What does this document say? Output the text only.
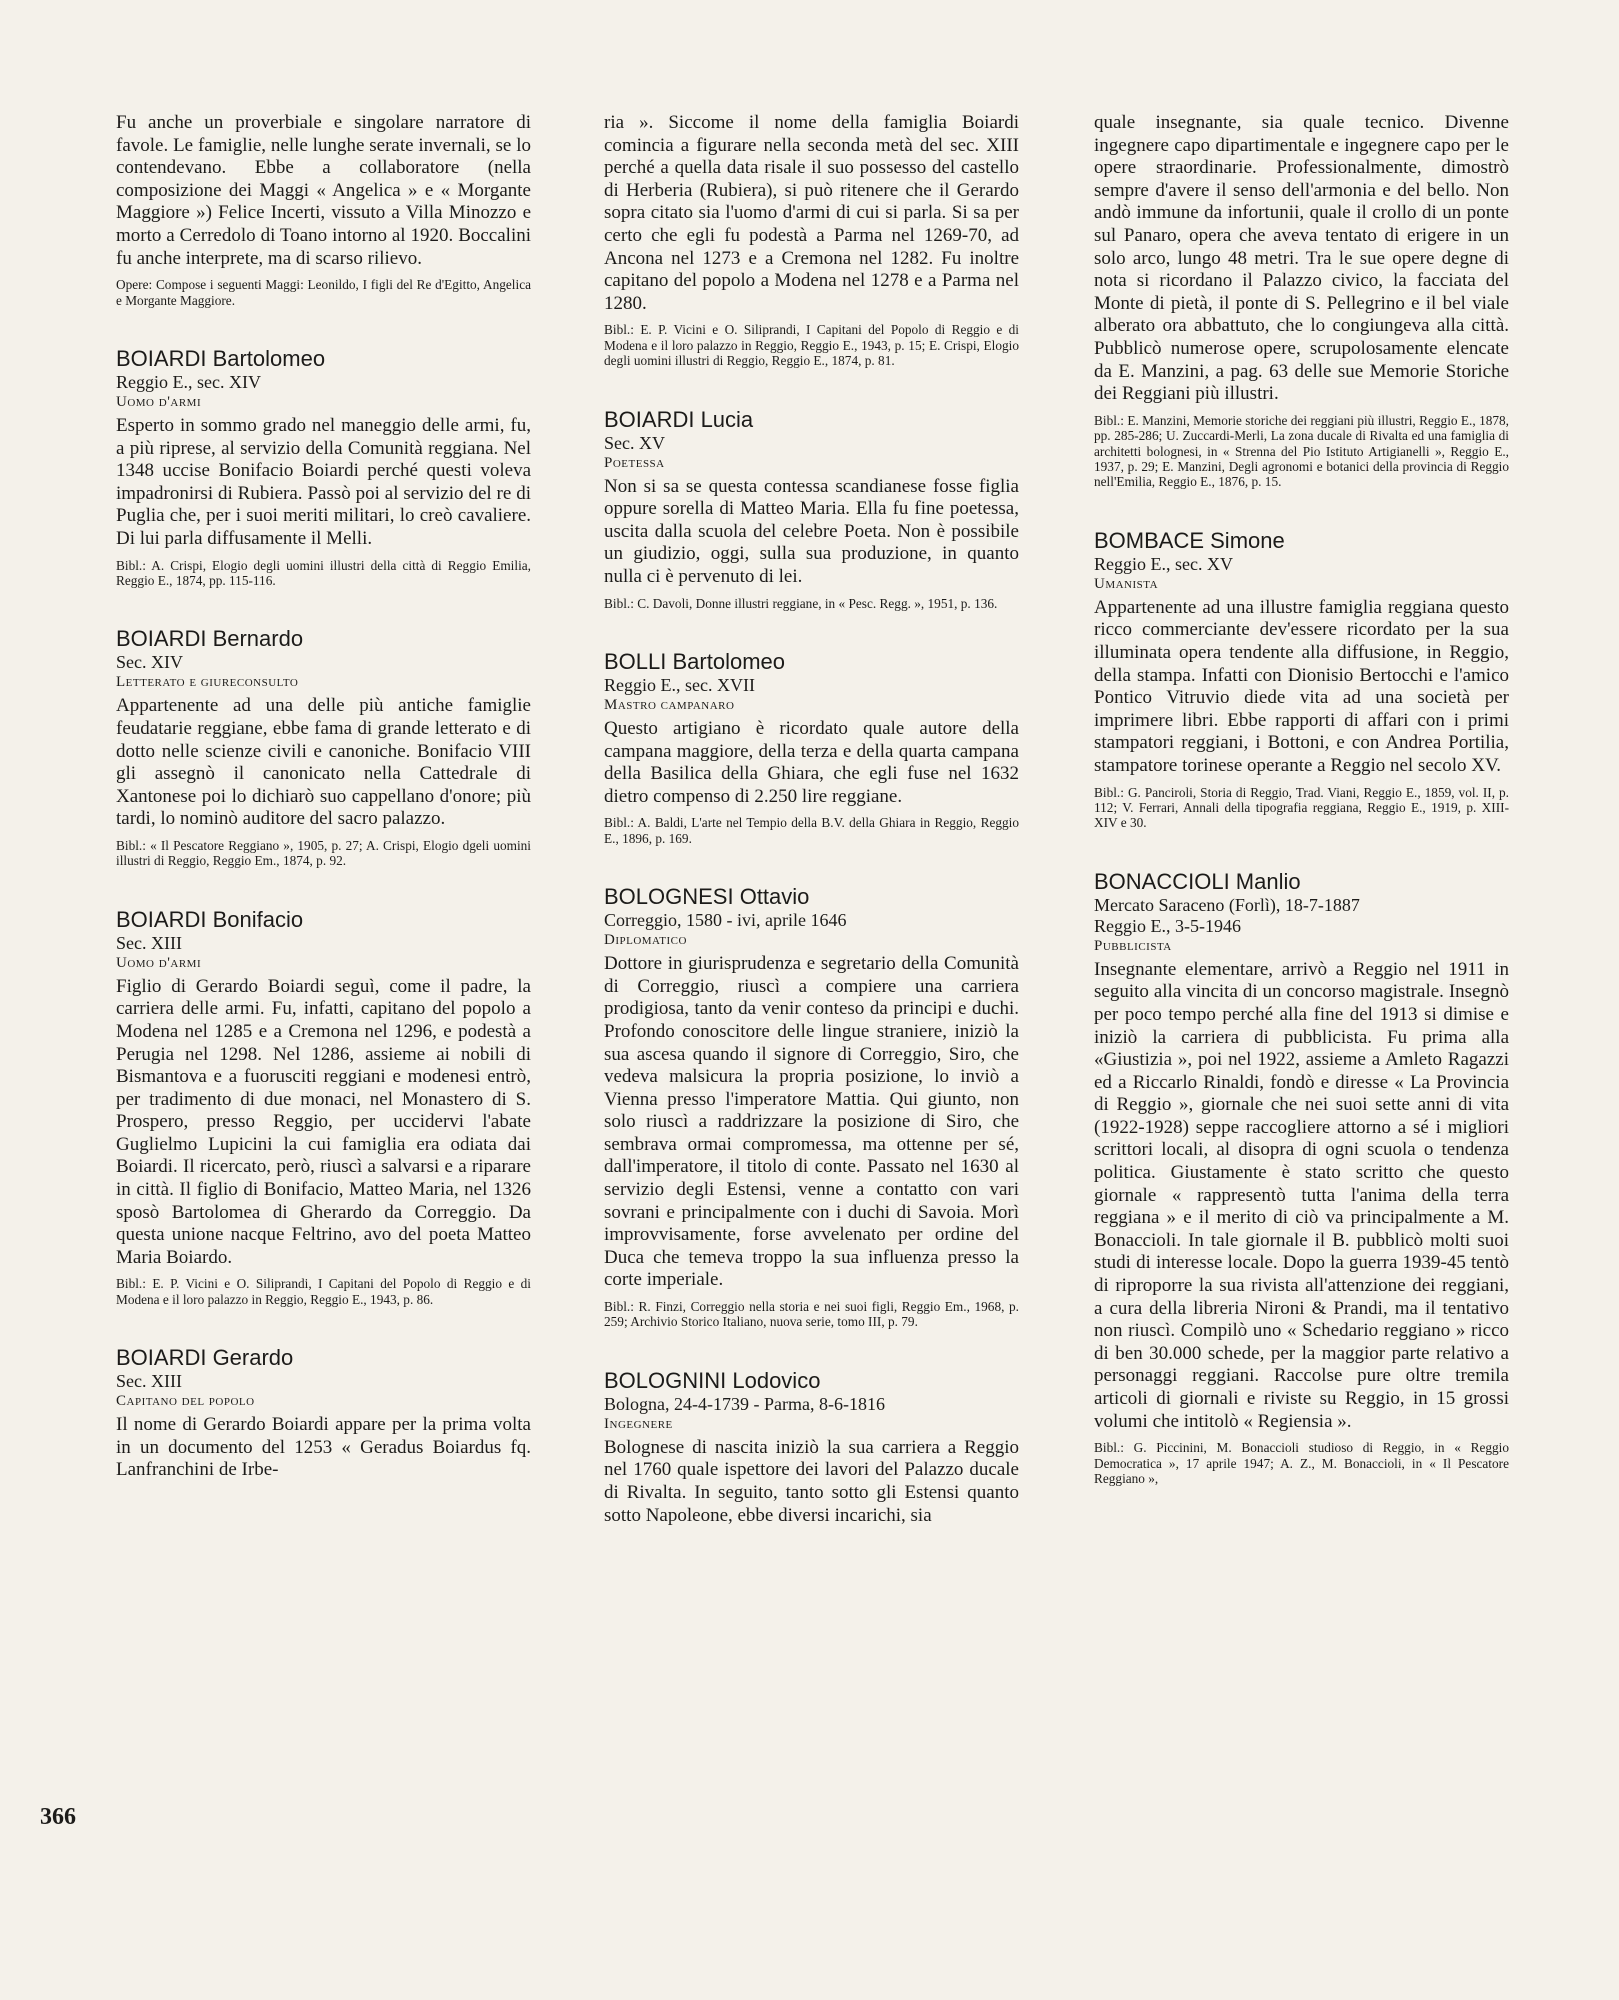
Fu anche un proverbiale e singolare narratore di favole. Le famiglie, nelle lunghe serate invernali, se lo contendevano. Ebbe a collaboratore (nella composizione dei Maggi « Angelica » e « Morgante Maggiore ») Felice Incerti, vissuto a Villa Minozzo e morto a Cerredolo di Toano intorno al 1920. Boccalini fu anche interprete, ma di scarso rilievo.

Opere: Compose i seguenti Maggi: Leonildo, I figli del Re d'Egitto, Angelica e Morgante Maggiore.

BOIARDI Bartolomeo
Reggio E., sec. XIV
Uomo d'armi

Esperto in sommo grado nel maneggio delle armi, fu, a più riprese, al servizio della Comunità reggiana. Nel 1348 uccise Bonifacio Boiardi perché questi voleva impadronirsi di Rubiera. Passò poi al servizio del re di Puglia che, per i suoi meriti militari, lo creò cavaliere. Di lui parla diffusamente il Melli.

Bibl.: A. Crispi, Elogio degli uomini illustri della città di Reggio Emilia, Reggio E., 1874, pp. 115-116.

BOIARDI Bernardo
Sec. XIV
Letterato e giureconsulto

Appartenente ad una delle più antiche famiglie feudatarie reggiane, ebbe fama di grande letterato e di dotto nelle scienze civili e canoniche. Bonifacio VIII gli assegnò il canonicato nella Cattedrale di Xantonese poi lo dichiarò suo cappellano d'onore; più tardi, lo nominò auditore del sacro palazzo.

Bibl.: « Il Pescatore Reggiano », 1905, p. 27; A. Crispi, Elogio dgeli uomini illustri di Reggio, Reggio Em., 1874, p. 92.

BOIARDI Bonifacio
Sec. XIII
Uomo d'armi

Figlio di Gerardo Boiardi seguì, come il padre, la carriera delle armi. Fu, infatti, capitano del popolo a Modena nel 1285 e a Cremona nel 1296, e podestà a Perugia nel 1298. Nel 1286, assieme ai nobili di Bismantova e a fuorusciti reggiani e modenesi entrò, per tradimento di due monaci, nel Monastero di S. Prospero, presso Reggio, per uccidervi l'abate Guglielmo Lupicini la cui famiglia era odiata dai Boiardi. Il ricercato, però, riuscì a salvarsi e a riparare in città. Il figlio di Bonifacio, Matteo Maria, nel 1326 sposò Bartolomea di Gherardo da Correggio. Da questa unione nacque Feltrino, avo del poeta Matteo Maria Boiardo.

Bibl.: E. P. Vicini e O. Siliprandi, I Capitani del Popolo di Reggio e di Modena e il loro palazzo in Reggio, Reggio E., 1943, p. 86.

BOIARDI Gerardo
Sec. XIII
Capitano del popolo

Il nome di Gerardo Boiardi appare per la prima volta in un documento del 1253 « Geradus Boiardus fq. Lanfranchini de Irbe-

ria ». Siccome il nome della famiglia Boiardi comincia a figurare nella seconda metà del sec. XIII perché a quella data risale il suo possesso del castello di Herberia (Rubiera), si può ritenere che il Gerardo sopra citato sia l'uomo d'armi di cui si parla. Si sa per certo che egli fu podestà a Parma nel 1269-70, ad Ancona nel 1273 e a Cremona nel 1282. Fu inoltre capitano del popolo a Modena nel 1278 e a Parma nel 1280.

Bibl.: E. P. Vicini e O. Siliprandi, I Capitani del Popolo di Reggio e di Modena e il loro palazzo in Reggio, Reggio E., 1943, p. 15; E. Crispi, Elogio degli uomini illustri di Reggio, Reggio E., 1874, p. 81.

BOIARDI Lucia
Sec. XV
Poetessa

Non si sa se questa contessa scandianese fosse figlia oppure sorella di Matteo Maria. Ella fu fine poetessa, uscita dalla scuola del celebre Poeta. Non è possibile un giudizio, oggi, sulla sua produzione, in quanto nulla ci è pervenuto di lei.

Bibl.: C. Davoli, Donne illustri reggiane, in « Pesc. Regg. », 1951, p. 136.

BOLLI Bartolomeo
Reggio E., sec. XVII
Mastro campanaro

Questo artigiano è ricordato quale autore della campana maggiore, della terza e della quarta campana della Basilica della Ghiara, che egli fuse nel 1632 dietro compenso di 2.250 lire reggiane.

Bibl.: A. Baldi, L'arte nel Tempio della B.V. della Ghiara in Reggio, Reggio E., 1896, p. 169.

BOLOGNESI Ottavio
Correggio, 1580 - ivi, aprile 1646
Diplomatico

Dottore in giurisprudenza e segretario della Comunità di Correggio, riuscì a compiere una carriera prodigiosa, tanto da venir conteso da principi e duchi. Profondo conoscitore delle lingue straniere, iniziò la sua ascesa quando il signore di Correggio, Siro, che vedeva malsicura la propria posizione, lo inviò a Vienna presso l'imperatore Mattia. Qui giunto, non solo riuscì a raddrizzare la posizione di Siro, che sembrava ormai compromessa, ma ottenne per sé, dall'imperatore, il titolo di conte. Passato nel 1630 al servizio degli Estensi, venne a contatto con vari sovrani e principalmente con i duchi di Savoia. Morì improvvisamente, forse avvelenato per ordine del Duca che temeva troppo la sua influenza presso la corte imperiale.

Bibl.: R. Finzi, Correggio nella storia e nei suoi figli, Reggio Em., 1968, p. 259; Archivio Storico Italiano, nuova serie, tomo III, p. 79.

BOLOGNINI Lodovico
Bologna, 24-4-1739 - Parma, 8-6-1816
Ingegnere

Bolognese di nascita iniziò la sua carriera a Reggio nel 1760 quale ispettore dei lavori del Palazzo ducale di Rivalta. In seguito, tanto sotto gli Estensi quanto sotto Napoleone, ebbe diversi incarichi, sia

quale insegnante, sia quale tecnico. Divenne ingegnere capo dipartimentale e ingegnere capo per le opere straordinarie. Professionalmente, dimostrò sempre d'avere il senso dell'armonia e del bello. Non andò immune da infortunii, quale il crollo di un ponte sul Panaro, opera che aveva tentato di erigere in un solo arco, lungo 48 metri. Tra le sue opere degne di nota si ricordano il Palazzo civico, la facciata del Monte di pietà, il ponte di S. Pellegrino e il bel viale alberato ora abbattuto, che lo congiungeva alla città. Pubblicò numerose opere, scrupolosamente elencate da E. Manzini, a pag. 63 delle sue Memorie Storiche dei Reggiani più illustri.

Bibl.: E. Manzini, Memorie storiche dei reggiani più illustri, Reggio E., 1878, pp. 285-286; U. Zuccardi-Merli, La zona ducale di Rivalta ed una famiglia di architetti bolognesi, in « Strenna del Pio Istituto Artigianelli », Reggio E., 1937, p. 29; E. Manzini, Degli agronomi e botanici della provincia di Reggio nell'Emilia, Reggio E., 1876, p. 15.

BOMBACE Simone
Reggio E., sec. XV
Umanista

Appartenente ad una illustre famiglia reggiana questo ricco commerciante dev'essere ricordato per la sua illuminata opera tendente alla diffusione, in Reggio, della stampa. Infatti con Dionisio Bertocchi e l'amico Pontico Vitruvio diede vita ad una società per imprimere libri. Ebbe rapporti di affari con i primi stampatori reggiani, i Bottoni, e con Andrea Portilia, stampatore torinese operante a Reggio nel secolo XV.

Bibl.: G. Panciroli, Storia di Reggio, Trad. Viani, Reggio E., 1859, vol. II, p. 112; V. Ferrari, Annali della tipografia reggiana, Reggio E., 1919, p. XIII-XIV e 30.

BONACCIOLI Manlio
Mercato Saraceno (Forlì), 18-7-1887
Reggio E., 3-5-1946
Pubblicista

Insegnante elementare, arrivò a Reggio nel 1911 in seguito alla vincita di un concorso magistrale. Insegnò per poco tempo perché alla fine del 1913 si dimise e iniziò la carriera di pubblicista. Fu prima alla «Giustizia », poi nel 1922, assieme a Amleto Ragazzi ed a Riccarlo Rinaldi, fondò e diresse « La Provincia di Reggio », giornale che nei suoi sette anni di vita (1922-1928) seppe raccogliere attorno a sé i migliori scrittori locali, al disopra di ogni scuola o tendenza politica. Giustamente è stato scritto che questo giornale « rappresentò tutta l'anima della terra reggiana » e il merito di ciò va principalmente a M. Bonaccioli. In tale giornale il B. pubblicò molti suoi studi di interesse locale. Dopo la guerra 1939-45 tentò di riproporre la sua rivista all'attenzione dei reggiani, a cura della libreria Nironi & Prandi, ma il tentativo non riuscì. Compilò uno « Schedario reggiano » ricco di ben 30.000 schede, per la maggior parte relativo a personaggi reggiani. Raccolse pure oltre tremila articoli di giornali e riviste su Reggio, in 15 grossi volumi che intitolò « Regiensia ».

Bibl.: G. Piccinini, M. Bonaccioli studioso di Reggio, in « Reggio Democratica », 17 aprile 1947; A. Z., M. Bonaccioli, in « Il Pescatore Reggiano »,

366
